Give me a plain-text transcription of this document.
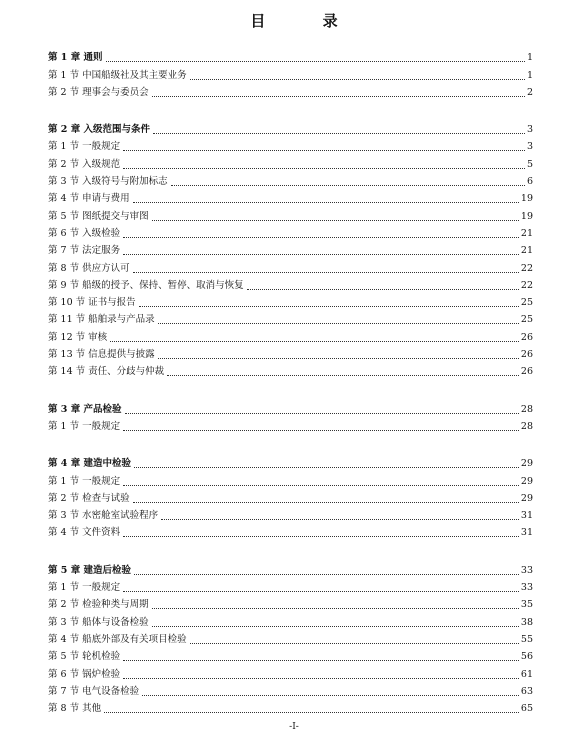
目 录
第 1 章 通则	1
第 1 节 中国船级社及其主要业务	1
第 2 节 理事会与委员会	2
第 2 章 入级范围与条件	3
第 1 节 一般规定	3
第 2 节 入级规范	5
第 3 节 入级符号与附加标志	6
第 4 节 申请与费用	19
第 5 节 图纸提交与审图	19
第 6 节 入级检验	21
第 7 节 法定服务	21
第 8 节 供应方认可	22
第 9 节 船级的授予、保持、暂停、取消与恢复	22
第 10 节 证书与报告	25
第 11 节 船舶录与产品录	25
第 12 节 审核	26
第 13 节 信息提供与披露	26
第 14 节 责任、分歧与仲裁	26
第 3 章 产品检验	28
第 1 节 一般规定	28
第 4 章 建造中检验	29
第 1 节 一般规定	29
第 2 节 检查与试验	29
第 3 节 水密舱室试验程序	31
第 4 节 文件资料	31
第 5 章 建造后检验	33
第 1 节 一般规定	33
第 2 节 检验种类与周期	35
第 3 节 船体与设备检验	38
第 4 节 船底外部及有关项目检验	55
第 5 节 轮机检验	56
第 6 节 锅炉检验	61
第 7 节 电气设备检验	63
第 8 节 其他	65
-I-
